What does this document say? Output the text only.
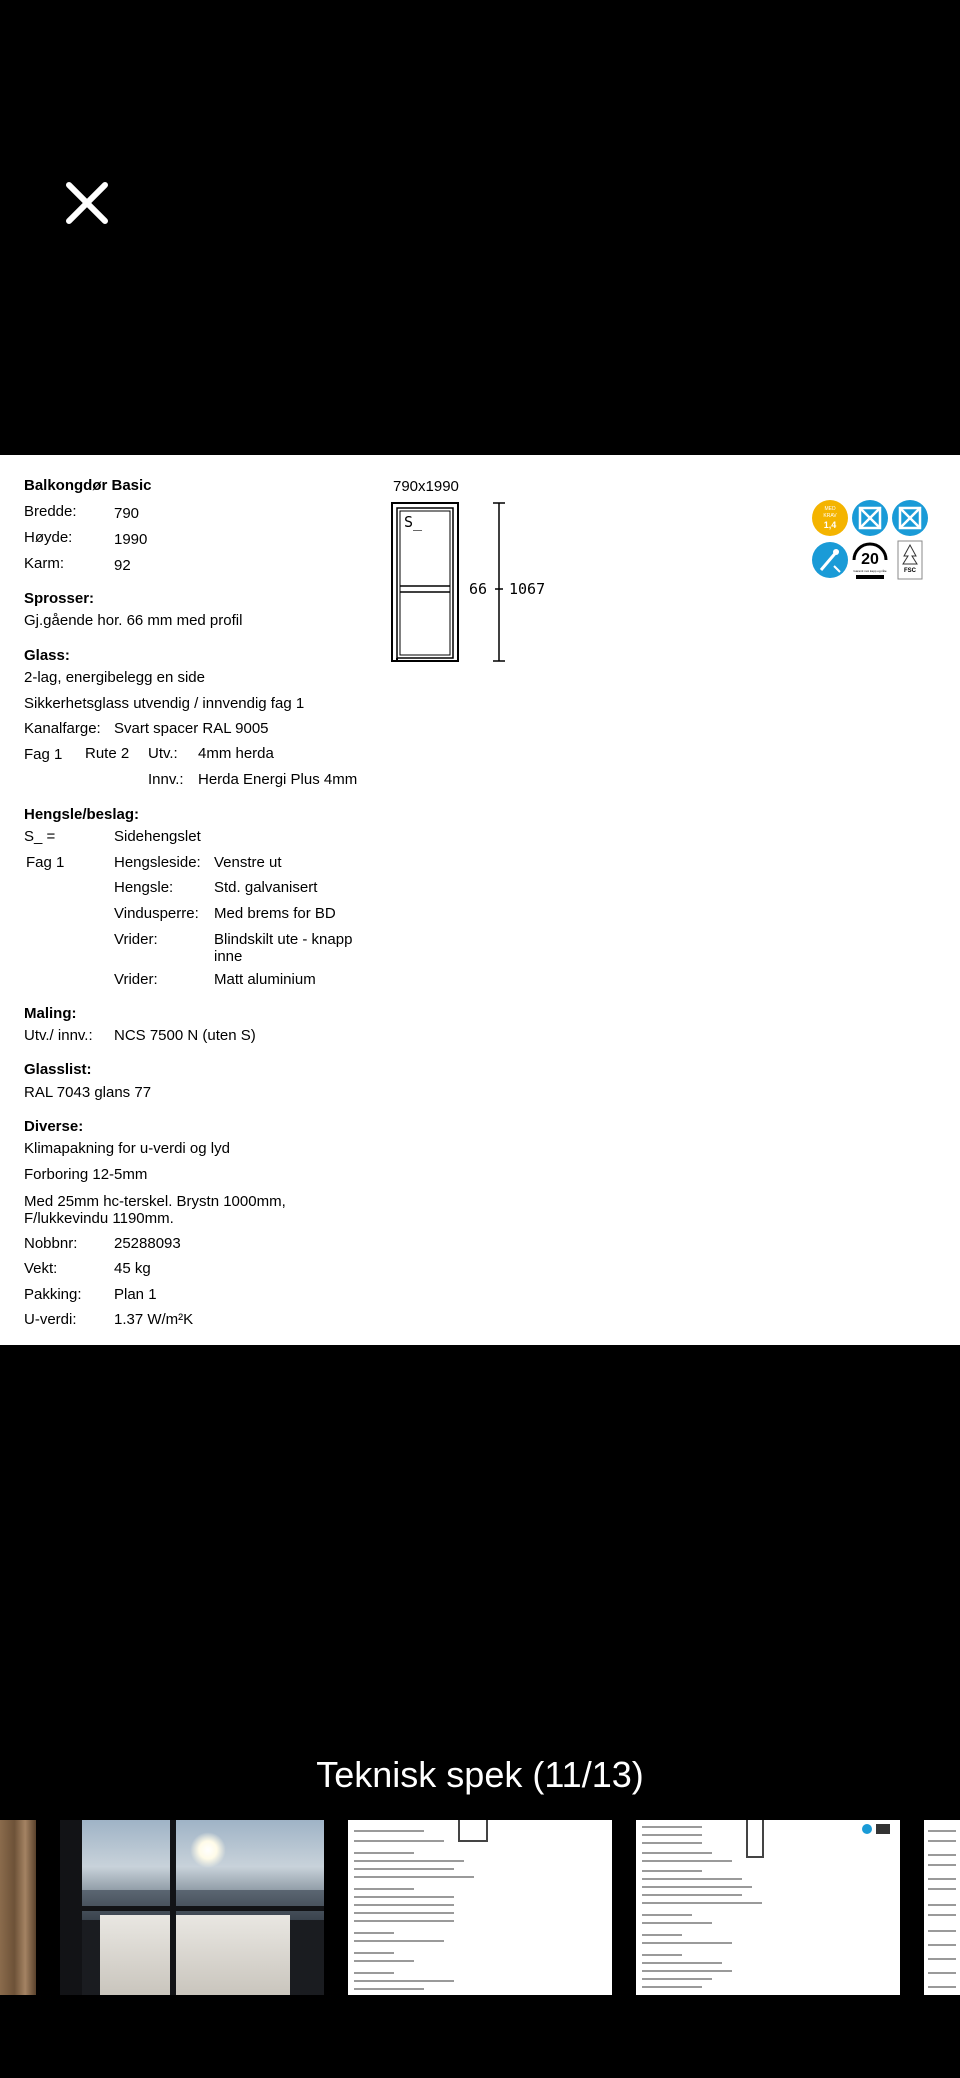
Balkongdør Basic
Bredde: 790
Høyde:	1990
Karm:	92
Sprosser:
Gj.gående hor. 66 mm med profil
Glass:
2-lag, energibelegg en side
Sikkerhetsglass utvendig / innvendig fag 1
Kanalfarge: Svart spacer RAL 9005
Fag 1 Rute 2 Utv.: 4mm herda
Innv.: Herda Energi Plus 4mm
Hengsle/beslag:
S_ =	Sidehengslet
Fag 1	Hengsleside: Venstre ut
Hengsle:	Std. galvanisert
Vindusperre: Med brems for BD
Vrider:	Blindskilt ute - knapp
inne
Vrider:	Matt aluminium
Maling:
Utv./ innv.: NCS 7500 N (uten S)
Glasslist:
RAL 7043 glans 77
Diverse:
Klimapakning for u-verdi og lyd
Forboring 12-5mm
Med 25mm hc-terskel. Brystn 1000mm,
F/lukkevindu 1190mm.
Nobbnr: 25288093
Vekt:	45 kg
Pakking: Plan 1
U-verdi: 1.37 W/m²K
790x1990
S_
66 1067
MED
KRAV
1,4
20
Garanti mot kapp og råte	FSC
Teknisk spek (11/13)
